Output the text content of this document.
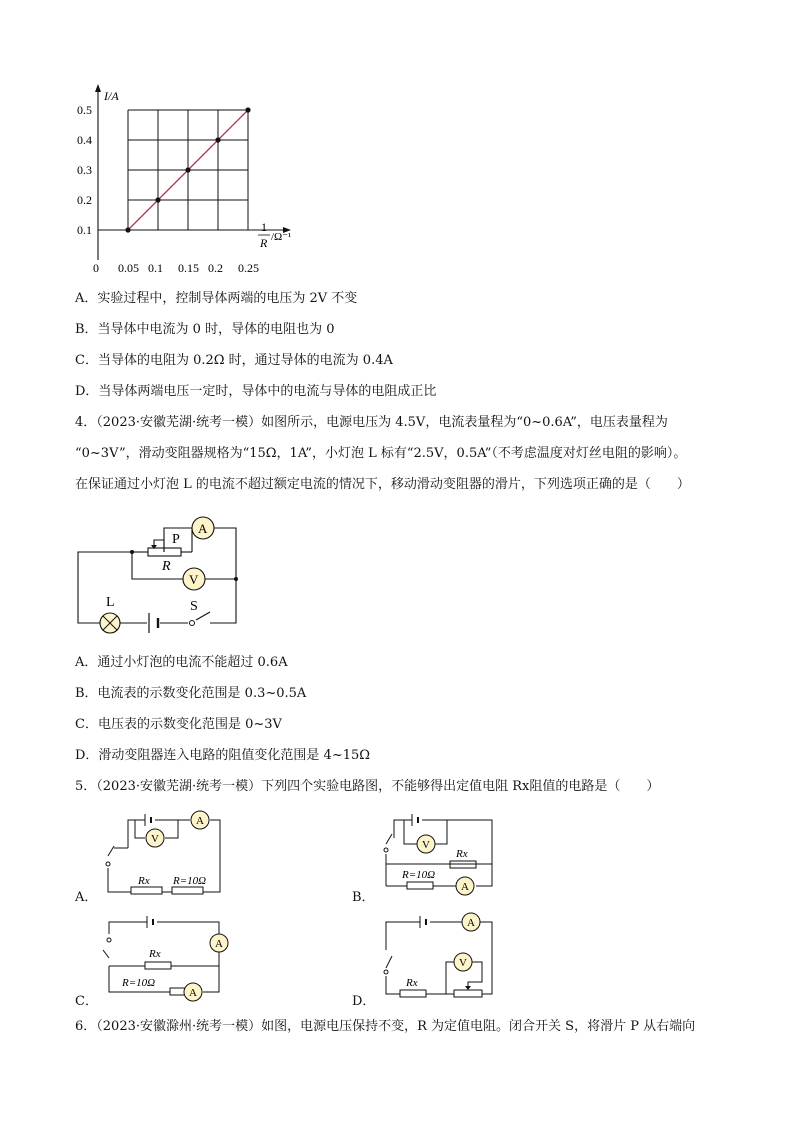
0.05 0.1 0.15 0.2 0.25
0.1
0.2
0.3
0.4
0.5
0
I/A
1
R /Ω⁻¹
A．实验过程中，控制导体两端的电压为 2V 不变
B．当导体中电流为 0 时，导体的电阻也为 0
C．当导体的电阻为 0.2Ω 时，通过导体的电流为 0.4A
D．当导体两端电压一定时，导体中的电流与导体的电阻成正比
4．（2023·安徽芜湖·统考一模）如图所示，电源电压为 4.5V，电流表量程为“0~0.6A”，电压表量程为
“0~3V”，滑动变阻器规格为“15Ω，1A”，小灯泡 L 标有“2.5V，0.5A”（不考虑温度对灯丝电阻的影响）。
在保证通过小灯泡 L 的电流不超过额定电流的情况下，移动滑动变阻器的滑片，下列选项正确的是（　　）
A
V
P
R
L	S
A．通过小灯泡的电流不能超过 0.6A
B．电流表的示数变化范围是 0.3~0.5A
C．电压表的示数变化范围是 0~3V
D．滑动变阻器连入电路的阻值变化范围是 4~15Ω
5．（2023·安徽芜湖·统考一模）下列四个实验电路图，不能够得出定值电阻 Rx阻值的电路是（　　）
A．
A
V
Rx R=10Ω
B．
V
A
Rx
R=10Ω
C．
A
A
Rx
R=10Ω
D．
A
V
Rx
6．（2023·安徽滁州·统考一模）如图，电源电压保持不变，R 为定值电阻。闭合开关 S，将滑片 P 从右端向
